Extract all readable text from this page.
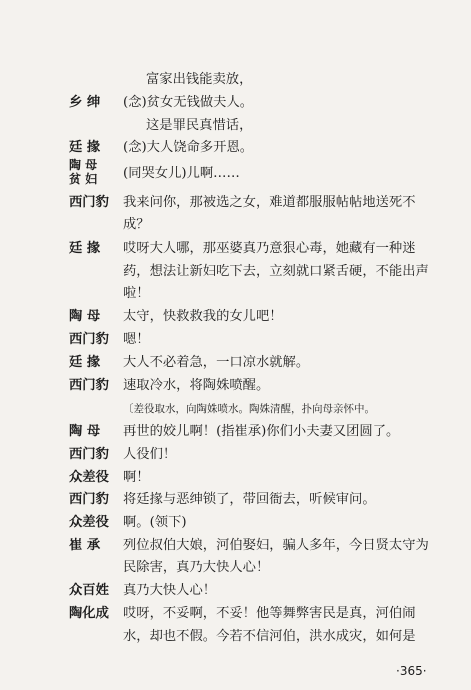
富家出钱能卖放，
乡 绅 (念)贫女无钱做夫人。
这是罪民真惜话，
廷 掾 (念)大人饶命多开恩。
陶 母
贫 妇 (同哭女儿)儿啊……
西门豹 我来问你，那被选之女，难道都服服帖帖地送死不
成？
廷 掾 哎呀大人哪，那巫婆真乃意狠心毒，她藏有一种迷
药，想法让新妇吃下去，立刻就口紧舌硬，不能出声
啦！
陶 母 太守，快救救我的女儿吧！
西门豹 嗯！
廷 掾 大人不必着急，一口凉水就解。
西门豹 速取冷水，将陶姝喷醒。
〔差役取水，向陶姝喷水。陶姝清醒，扑向母亲怀中。
陶 母 再世的姣儿啊！(指崔承)你们小夫妻又团圆了。
西门豹 人役们！
众差役 啊！
西门豹 将廷掾与恶绅锁了，带回衙去，听候审问。
众差役 啊。(领下)
崔 承 列位叔伯大娘，河伯娶妇，骗人多年，今日贤太守为
民除害，真乃大快人心！
众百姓 真乃大快人心！
陶化成 哎呀，不妥啊，不妥！他等舞弊害民是真，河伯闹
水，却也不假。今若不信河伯，洪水成灾，如何是
·365·
